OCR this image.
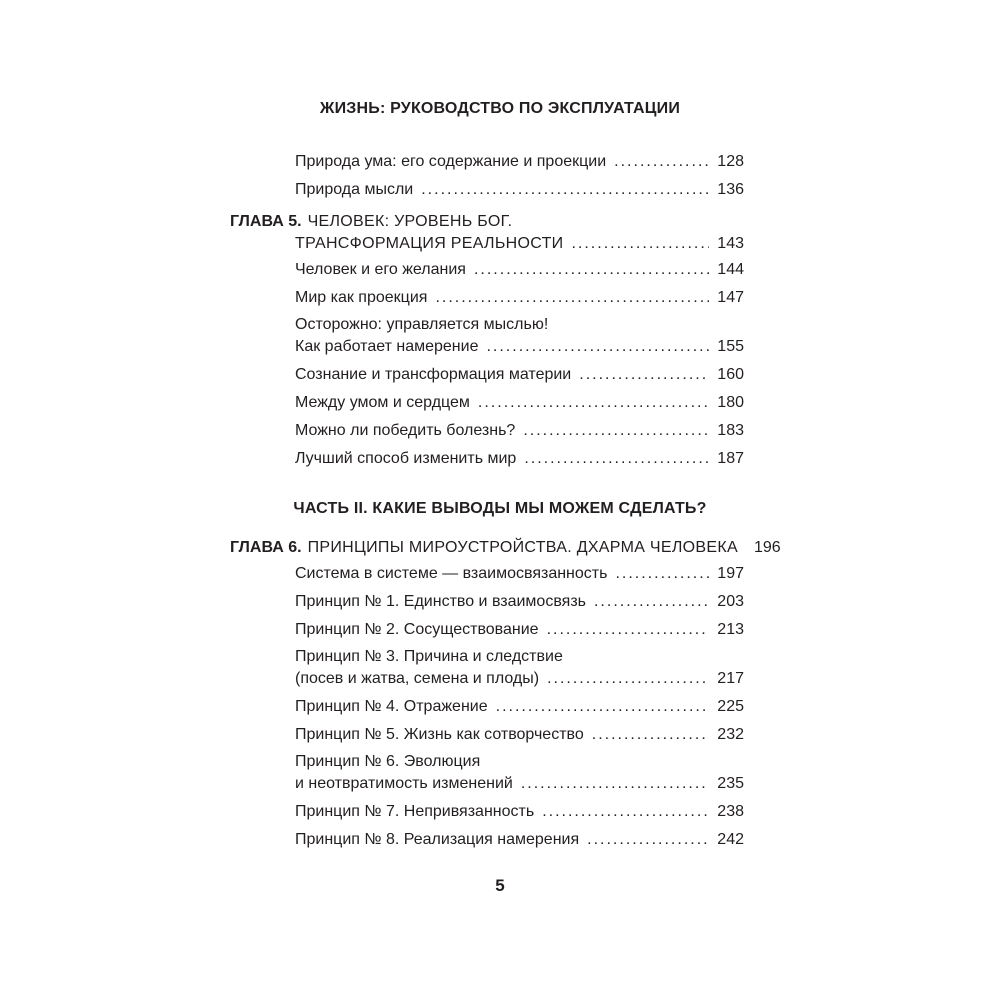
ЖИЗНЬ: РУКОВОДСТВО ПО ЭКСПЛУАТАЦИИ
Природа ума: его содержание и проекции .....	128
Природа мысли .....	136
ГЛАВА 5. ЧЕЛОВЕК: УРОВЕНЬ БОГ.
ТРАНСФОРМАЦИЯ РЕАЛЬНОСТИ .....	143
Человек и его желания .....	144
Мир как проекция .....	147
Осторожно: управляется мыслью!
Как работает намерение .....	155
Сознание и трансформация материи .....	160
Между умом и сердцем .....	180
Можно ли победить болезнь? .....	183
Лучший способ изменить мир .....	187
ЧАСТЬ II. КАКИЕ ВЫВОДЫ МЫ МОЖЕМ СДЕЛАТЬ?
ГЛАВА 6. ПРИНЦИПЫ МИРОУСТРОЙСТВА. ДХАРМА ЧЕЛОВЕКА 196
Система в системе — взаимосвязанность .....	197
Принцип № 1. Единство и взаимосвязь .....	203
Принцип № 2. Сосуществование .....	213
Принцип № 3. Причина и следствие
(посев и жатва, семена и плоды) .....	217
Принцип № 4. Отражение .....	225
Принцип № 5. Жизнь как сотворчество .....	232
Принцип № 6. Эволюция
и неотвратимость изменений .....	235
Принцип № 7. Непривязанность .....	238
Принцип № 8. Реализация намерения .....	242
5
